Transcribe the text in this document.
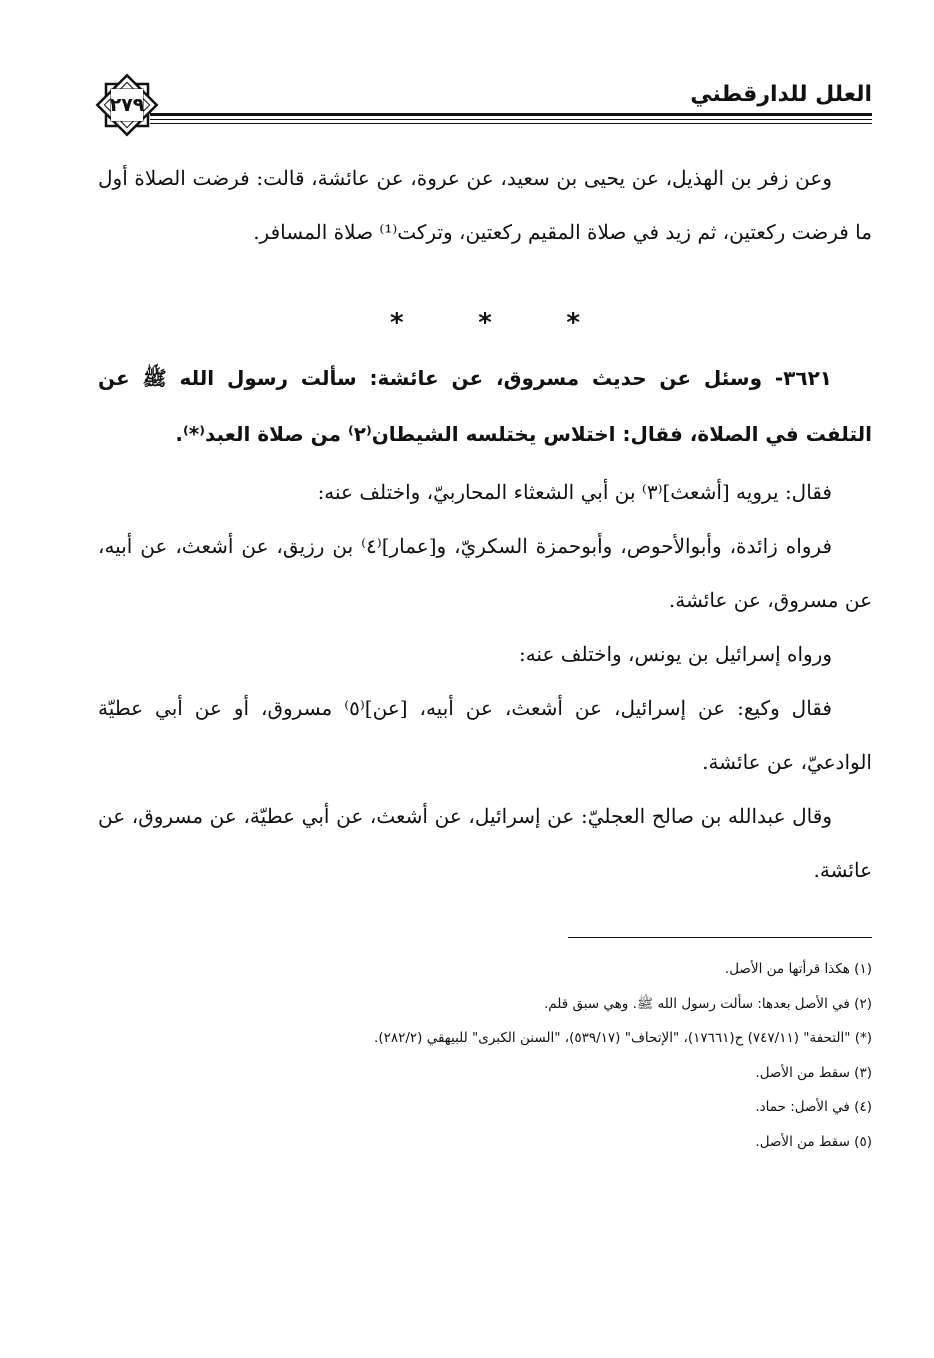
العلل للدارقطني
٢٧٩

وعن زفر بن الهذيل، عن يحيى بن سعيد، عن عروة، عن عائشة، قالت: فرضت الصلاة أول ما فرضت ركعتين، ثم زيد في صلاة المقيم ركعتين، وتركت⁽¹⁾ صلاة المسافر.

*	*	*

٣٦٢١- وسئل عن حديث مسروق، عن عائشة: سألت رسول الله ﷺ عن التلفت في الصلاة، فقال: اختلاس يختلسه الشيطان⁽٢⁾ من صلاة العبد⁽*⁾.

فقال: يرويه [أشعث]⁽٣⁾ بن أبي الشعثاء المحاربيّ، واختلف عنه:

فرواه زائدة، وأبوالأحوص، وأبوحمزة السكريّ، و[عمار]⁽٤⁾ بن رزيق، عن أشعث، عن أبيه، عن مسروق، عن عائشة.

ورواه إسرائيل بن يونس، واختلف عنه:

فقال وكيع: عن إسرائيل، عن أشعث، عن أبيه، [عن]⁽٥⁾ مسروق، أو عن أبي عطيّة الوادعيّ، عن عائشة.

وقال عبدالله بن صالح العجليّ: عن إسرائيل، عن أشعث، عن أبي عطيّة، عن مسروق، عن عائشة.

(١) هكذا قرأتها من الأصل.

(٢) في الأصل بعدها: سألت رسول الله ﷺ. وهي سبق قلم.

(*) "التحفة" (٧٤٧/١١) ح(١٧٦٦١)، "الإتحاف" (٥٣٩/١٧)، "السنن الكبرى" للبيهقي (٢٨٢/٢).

(٣) سقط من الأصل.

(٤) في الأصل: حماد.

(٥) سقط من الأصل.
